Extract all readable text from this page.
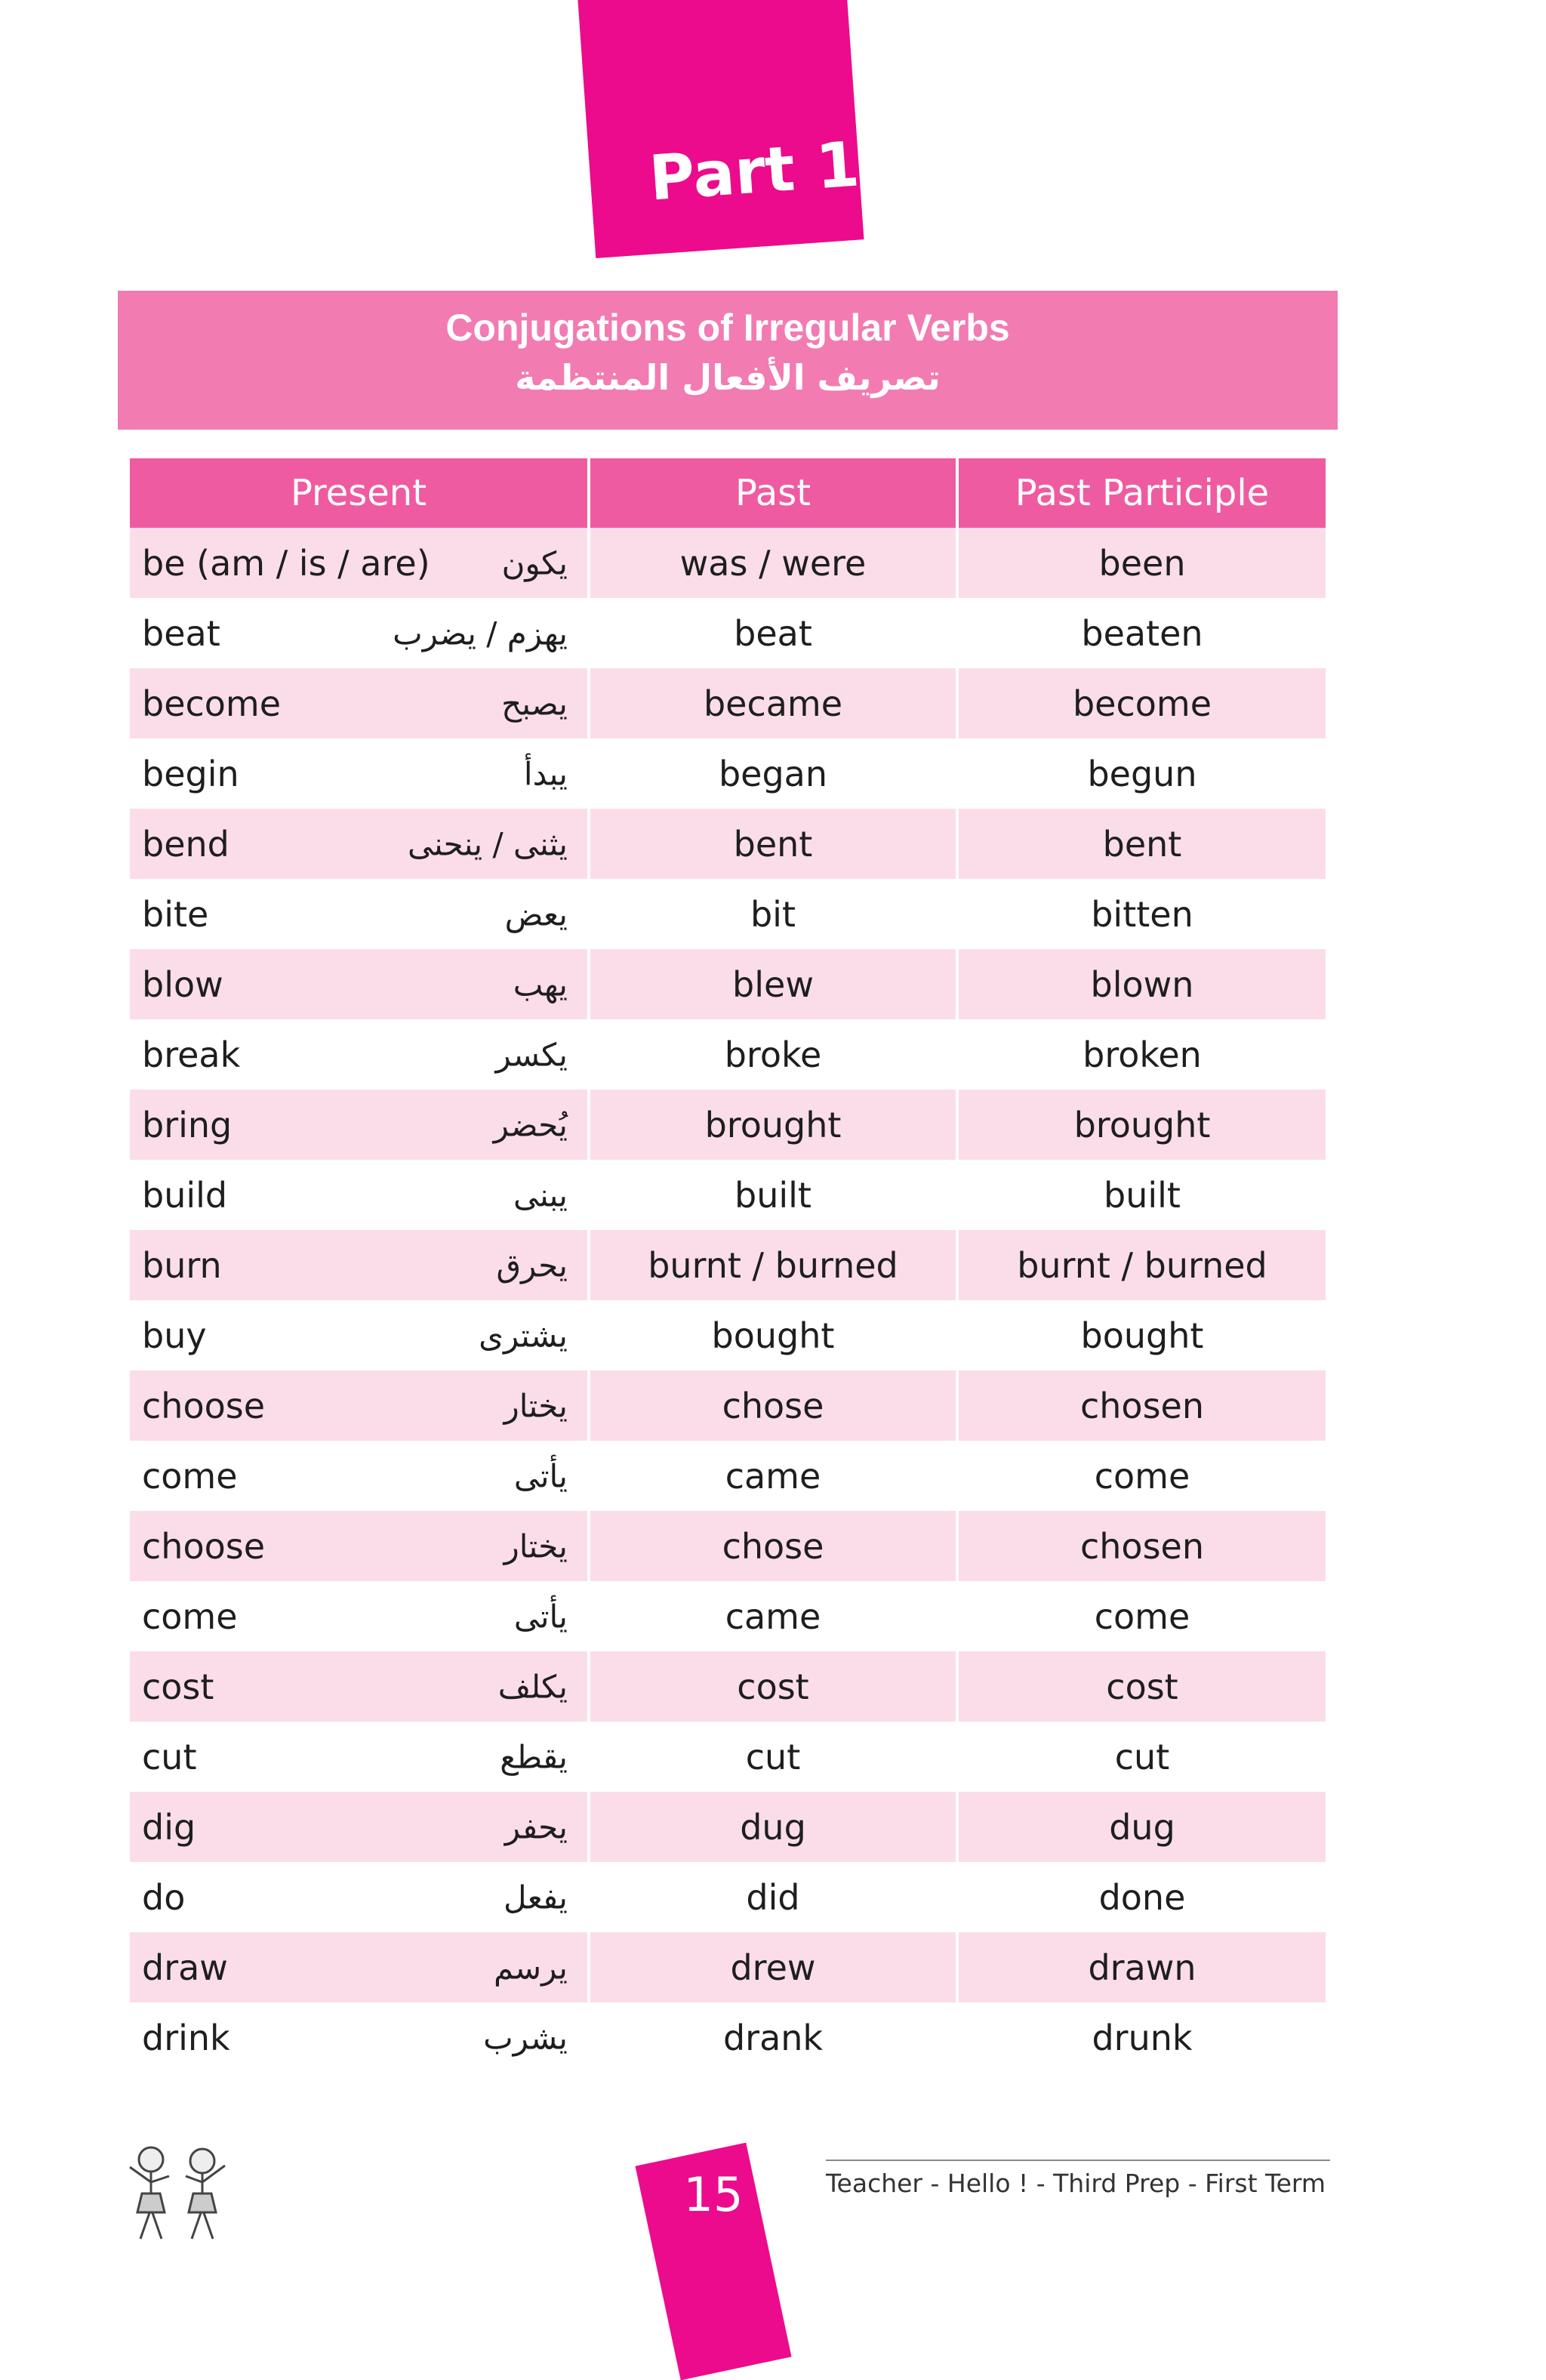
Part 1
Conjugations of Irregular Verbs
تصريف الأفعال المنتظمة
Present	Past	Past Participle

be (am / is / are) يكون	was / were	been

beat يهزم / يضرب	beat	beaten

become يصبح	became	become

begin يبدأ	began	begun

bend يثنى / ينحنى	bent	bent

bite يعض	bit	bitten

blow يهب	blew	blown

break يكسر	broke	broken

bring يُحضر	brought	brought

build يبنى	built	built

burn يحرق	burnt / burned	burnt / burned

buy يشترى	bought	bought

choose يختار	chose	chosen

come يأتى	came	come

choose يختار	chose	chosen

come يأتى	came	come

cost يكلف	cost	cost

cut يقطع	cut	cut

dig يحفر	dug	dug

do يفعل	did	done

draw يرسم	drew	drawn

drink يشرب	drank	drunk
15	Teacher - Hello ! - Third Prep - First Term
